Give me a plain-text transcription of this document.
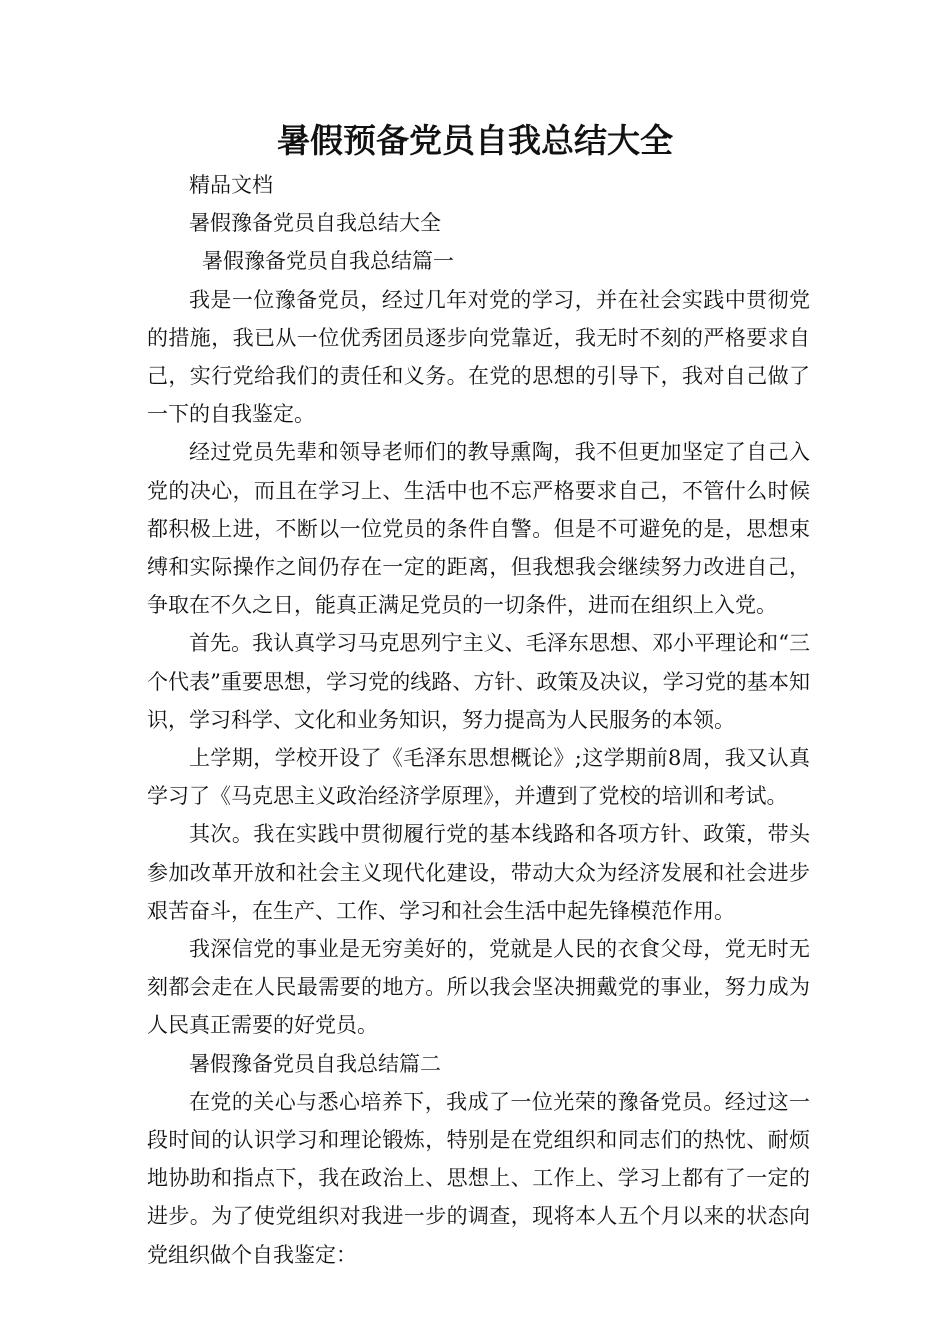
暑假预备党员自我总结大全

精品文档

暑假豫备党员自我总结大全

暑假豫备党员自我总结篇一

我是一位豫备党员，经过几年对党的学习，并在社会实践中贯彻党的措施，我已从一位优秀团员逐步向党靠近，我无时不刻的严格要求自己，实行党给我们的责任和义务。在党的思想的引导下，我对自己做了一下的自我鉴定。

经过党员先辈和领导老师们的教导熏陶，我不但更加坚定了自己入党的决心，而且在学习上、生活中也不忘严格要求自己，不管什么时候都积极上进，不断以一位党员的条件自警。但是不可避免的是，思想束缚和实际操作之间仍存在一定的距离，但我想我会继续努力改进自己，争取在不久之日，能真正满足党员的一切条件，进而在组织上入党。

首先。我认真学习马克思列宁主义、毛泽东思想、邓小平理论和“三个代表”重要思想，学习党的线路、方针、政策及决议，学习党的基本知识，学习科学、文化和业务知识，努力提高为人民服务的本领。

上学期，学校开设了《毛泽东思想概论》;这学期前8周，我又认真学习了《马克思主义政治经济学原理》，并遭到了党校的培训和考试。

其次。我在实践中贯彻履行党的基本线路和各项方针、政策，带头参加改革开放和社会主义现代化建设，带动大众为经济发展和社会进步艰苦奋斗，在生产、工作、学习和社会生活中起先锋模范作用。

我深信党的事业是无穷美好的，党就是人民的衣食父母，党无时无刻都会走在人民最需要的地方。所以我会坚决拥戴党的事业，努力成为人民真正需要的好党员。

暑假豫备党员自我总结篇二

在党的关心与悉心培养下，我成了一位光荣的豫备党员。经过这一段时间的认识学习和理论锻炼，特别是在党组织和同志们的热忱、耐烦地协助和指点下，我在政治上、思想上、工作上、学习上都有了一定的进步。为了使党组织对我进一步的调查，现将本人五个月以来的状态向党组织做个自我鉴定：
